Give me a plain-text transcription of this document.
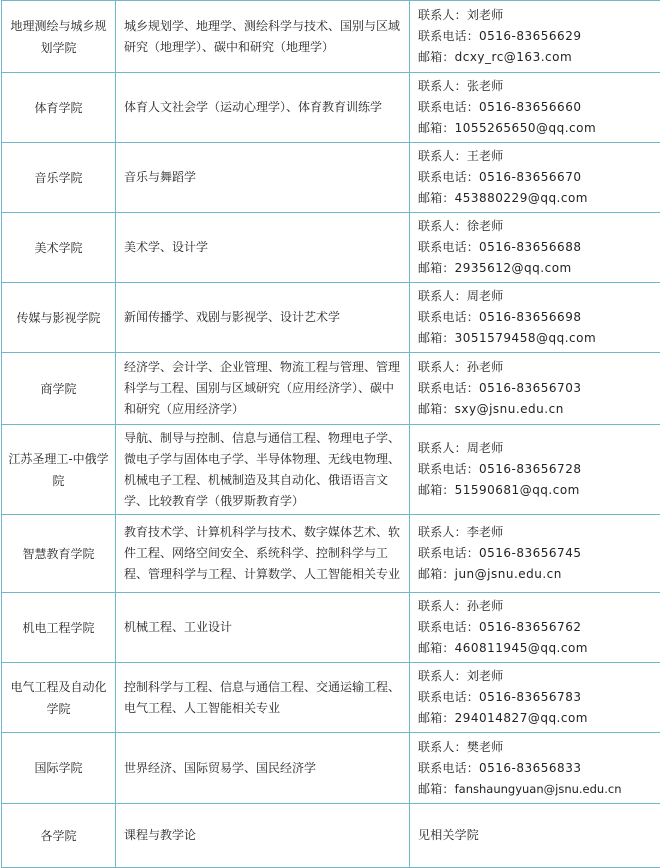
地理测绘与城乡规划学院	城乡规划学、地理学、测绘科学与技术、国别与区域研究（地理学）、碳中和研究（地理学）	联系人：刘老师
联系电话：0516-83656629
邮箱：dcxy_rc@163.com

体育学院	体育人文社会学（运动心理学）、体育教育训练学	联系人：张老师
联系电话：0516-83656660
邮箱：1055265650@qq.com

音乐学院	音乐与舞蹈学	联系人：王老师
联系电话：0516-83656670
邮箱：453880229@qq.com

美术学院	美术学、设计学	联系人：徐老师
联系电话：0516-83656688
邮箱：2935612@qq.com

传媒与影视学院	新闻传播学、戏剧与影视学、设计艺术学	联系人：周老师
联系电话：0516-83656698
邮箱：3051579458@qq.com

商学院	经济学、会计学、企业管理、物流工程与管理、管理科学与工程、国别与区域研究（应用经济学）、碳中和研究（应用经济学）	联系人：孙老师
联系电话：0516-83656703
邮箱：sxy@jsnu.edu.cn

江苏圣理工-中俄学院	导航、制导与控制、信息与通信工程、物理电子学、微电子学与固体电子学、半导体物理、无线电物理、机械电子工程、机械制造及其自动化、俄语语言文学、比较教育学（俄罗斯教育学）	联系人：周老师
联系电话：0516-83656728
邮箱：51590681@qq.com

智慧教育学院	教育技术学、计算机科学与技术、数字媒体艺术、软件工程、网络空间安全、系统科学、控制科学与工程、管理科学与工程、计算数学、人工智能相关专业	联系人：李老师
联系电话：0516-83656745
邮箱：jun@jsnu.edu.cn

机电工程学院	机械工程、工业设计	联系人：孙老师
联系电话：0516-83656762
邮箱：460811945@qq.com

电气工程及自动化学院	控制科学与工程、信息与通信工程、交通运输工程、电气工程、人工智能相关专业	联系人：刘老师
联系电话：0516-83656783
邮箱：294014827@qq.com

国际学院	世界经济、国际贸易学、国民经济学	联系人：樊老师
联系电话：0516-83656833
邮箱：fanshaungyuan@jsnu.edu.cn

各学院	课程与教学论	见相关学院
